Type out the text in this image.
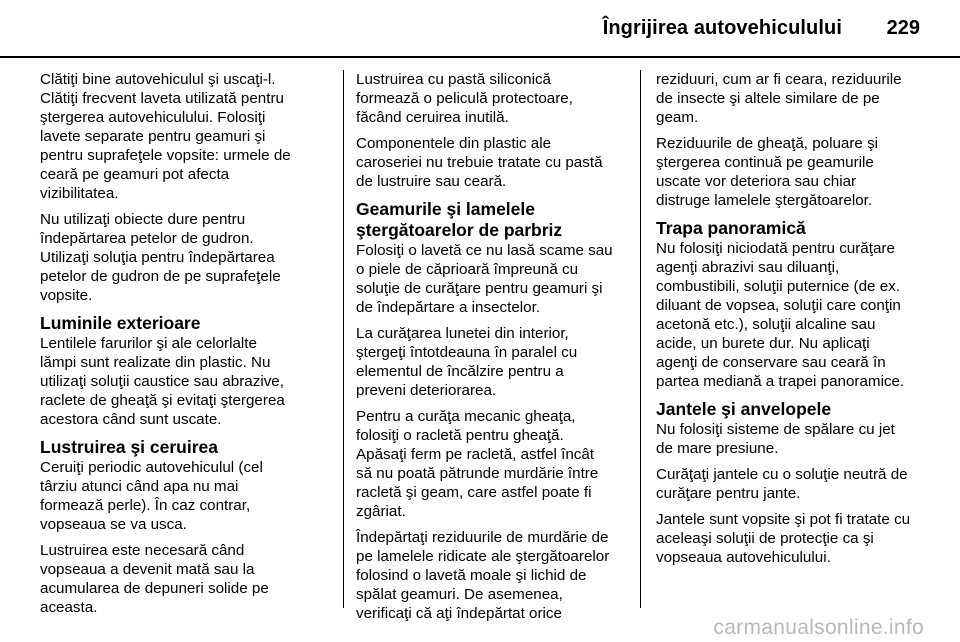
Îngrijirea autovehiculului 229
Clătiţi bine autovehiculul şi uscaţi-l.
Clătiţi frecvent laveta utilizată pentru
ştergerea autovehiculului. Folosiţi
lavete separate pentru geamuri şi
pentru suprafeţele vopsite: urmele de
ceară pe geamuri pot afecta
vizibilitatea.
Nu utilizaţi obiecte dure pentru
îndepărtarea petelor de gudron.
Utilizaţi soluţia pentru îndepărtarea
petelor de gudron de pe suprafeţele
vopsite.
Luminile exterioare
Lentilele farurilor şi ale celorlalte
lămpi sunt realizate din plastic. Nu
utilizaţi soluţii caustice sau abrazive,
raclete de gheaţă şi evitaţi ştergerea
acestora când sunt uscate.
Lustruirea şi ceruirea
Ceruiţi periodic autovehiculul (cel
târziu atunci când apa nu mai
formează perle). În caz contrar,
vopseaua se va usca.
Lustruirea este necesară când
vopseaua a devenit mată sau la
acumularea de depuneri solide pe
aceasta.
Lustruirea cu pastă siliconică
formează o peliculă protectoare,
făcând ceruirea inutilă.
Componentele din plastic ale
caroseriei nu trebuie tratate cu pastă
de lustruire sau ceară.
Geamurile şi lamelele
ştergătoarelor de parbriz
Folosiţi o lavetă ce nu lasă scame sau
o piele de căprioară împreună cu
soluţie de curăţare pentru geamuri şi
de îndepărtare a insectelor.
La curăţarea lunetei din interior,
ştergeţi întotdeauna în paralel cu
elementul de încălzire pentru a
preveni deteriorarea.
Pentru a curăţa mecanic gheaţa,
folosiţi o racletă pentru gheaţă.
Apăsaţi ferm pe racletă, astfel încât
să nu poată pătrunde murdărie între
racletă şi geam, care astfel poate fi
zgâriat.
Îndepărtaţi reziduurile de murdărie de
pe lamelele ridicate ale ştergătoarelor
folosind o lavetă moale şi lichid de
spălat geamuri. De asemenea,
verificaţi că aţi îndepărtat orice
reziduuri, cum ar fi ceara, reziduurile
de insecte şi altele similare de pe
geam.
Reziduurile de gheaţă, poluare şi
ştergerea continuă pe geamurile
uscate vor deteriora sau chiar
distruge lamelele ştergătoarelor.
Trapa panoramică
Nu folosiţi niciodată pentru curăţare
agenţi abrazivi sau diluanţi,
combustibili, soluţii puternice (de ex.
diluant de vopsea, soluţii care conţin
acetonă etc.), soluţii alcaline sau
acide, un burete dur. Nu aplicaţi
agenţi de conservare sau ceară în
partea mediană a trapei panoramice.
Jantele şi anvelopele
Nu folosiţi sisteme de spălare cu jet
de mare presiune.
Curăţaţi jantele cu o soluţie neutră de
curăţare pentru jante.
Jantele sunt vopsite şi pot fi tratate cu
aceleaşi soluţii de protecţie ca şi
vopseaua autovehiculului.
carmanualsonline.info
